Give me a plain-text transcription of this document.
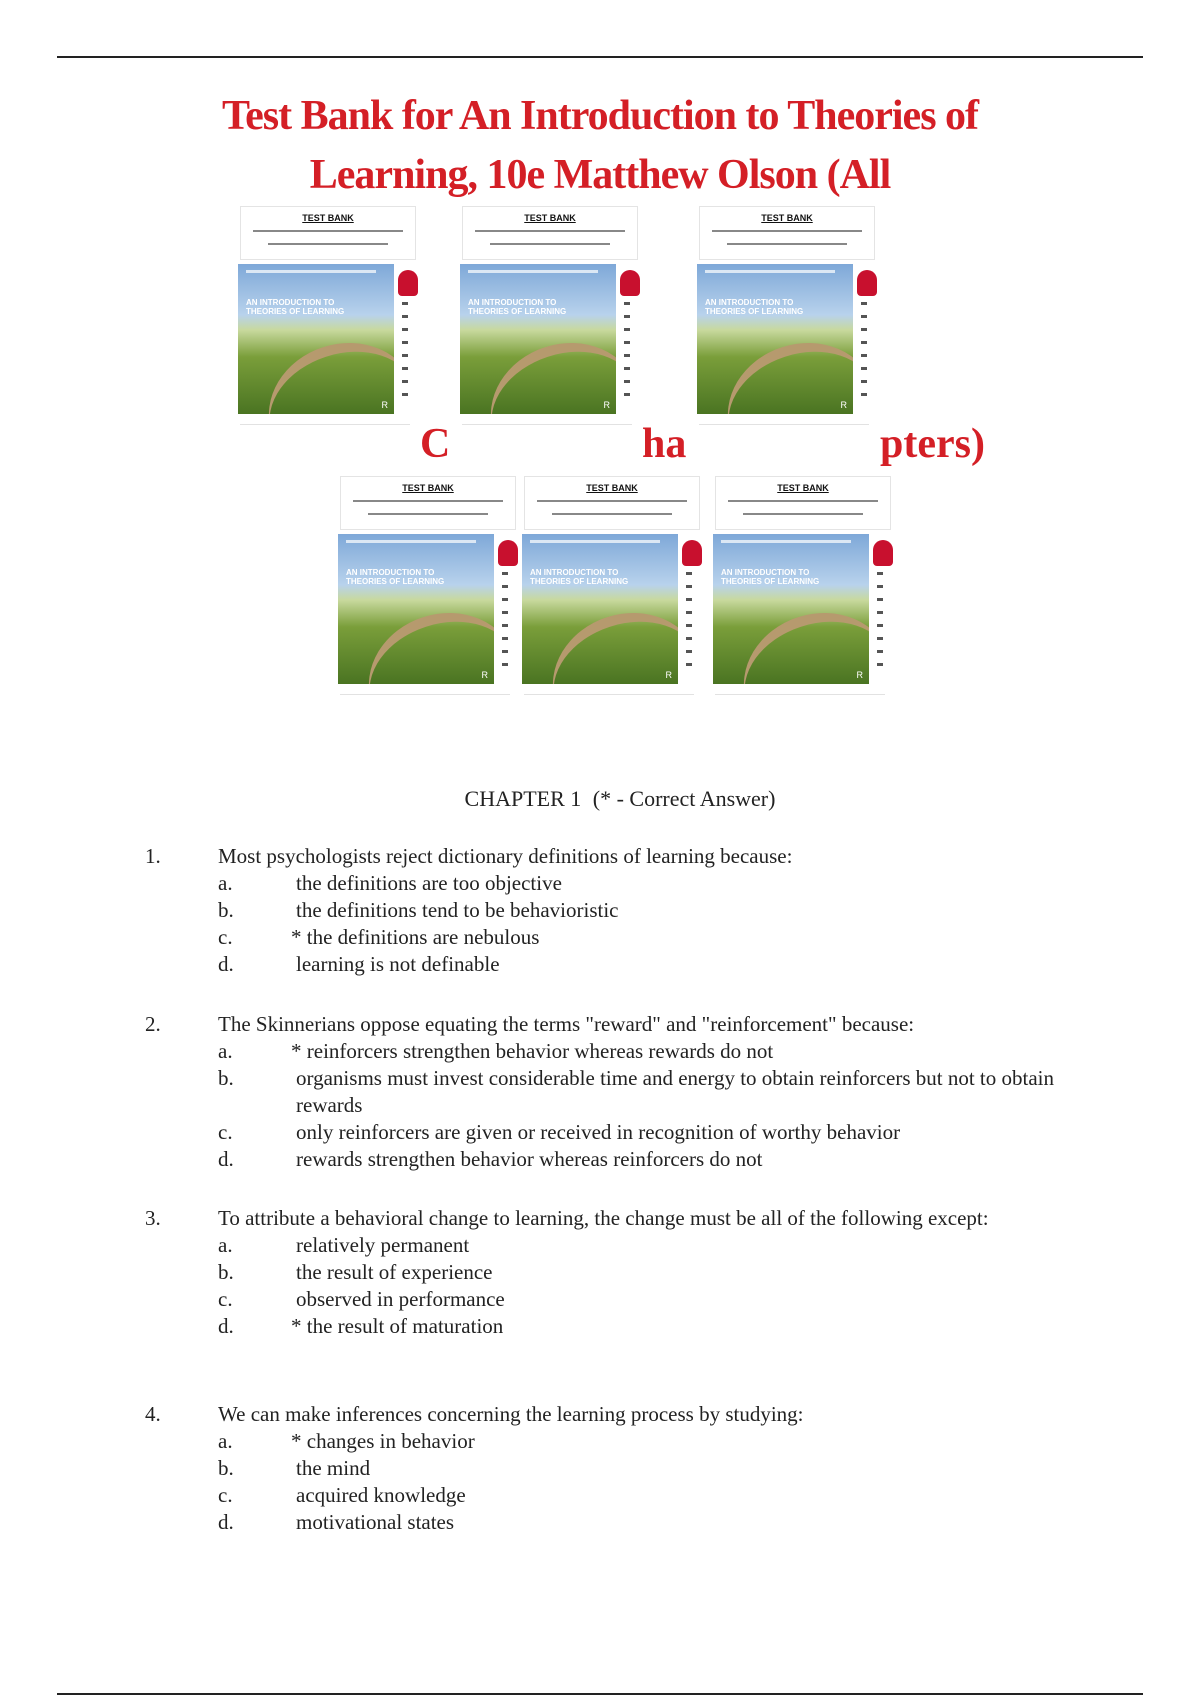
Test Bank for An Introduction to Theories of
Learning, 10e Matthew Olson (All
TEST BANK
AN INTRODUCTION TO THEORIES OF LEARNING
R
TEST BANK
AN INTRODUCTION TO THEORIES OF LEARNING
R
TEST BANK
AN INTRODUCTION TO THEORIES OF LEARNING
R
C	ha	pters)
TEST BANK
AN INTRODUCTION TO THEORIES OF LEARNING
R
TEST BANK
AN INTRODUCTION TO THEORIES OF LEARNING
R
TEST BANK
AN INTRODUCTION TO THEORIES OF LEARNING
R
CHAPTER 1 (* - Correct Answer)
1.	Most psychologists reject dictionary definitions of learning because:
a.	the definitions are too objective
b.	the definitions tend to be behavioristic
c.	* the definitions are nebulous
d.	learning is not definable
2.	The Skinnerians oppose equating the terms "reward" and "reinforcement" because:
a.	* reinforcers strengthen behavior whereas rewards do not
b.	organisms must invest considerable time and energy to obtain reinforcers but not to obtain rewards
c.	only reinforcers are given or received in recognition of worthy behavior
d.	rewards strengthen behavior whereas reinforcers do not
3.	To attribute a behavioral change to learning, the change must be all of the following except:
a.	relatively permanent
b.	the result of experience
c.	observed in performance
d.	* the result of maturation
4.	We can make inferences concerning the learning process by studying:
a.	* changes in behavior
b.	the mind
c.	acquired knowledge
d.	motivational states
